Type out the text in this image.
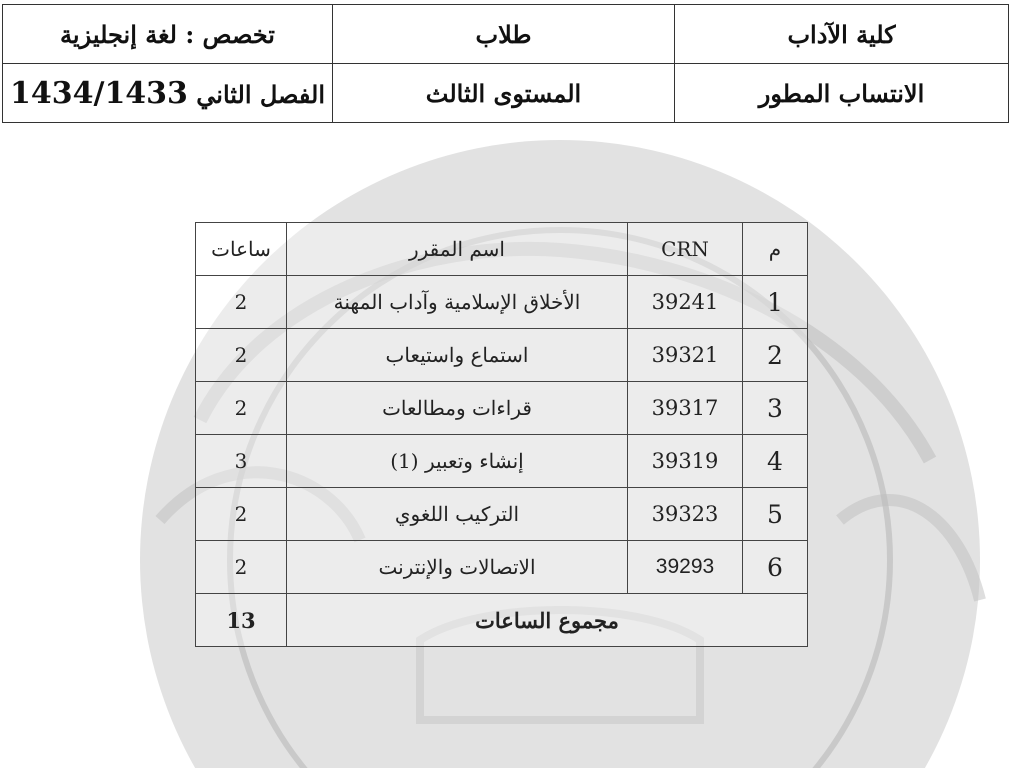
كلية الآداب	طلاب	تخصص : لغة إنجليزية
الانتساب المطور	المستوى الثالث	الفصل الثاني 1434/1433
م	CRN	اسم المقرر	ساعات
1	39241	الأخلاق الإسلامية وآداب المهنة	2
2	39321	استماع واستيعاب	2
3	39317	قراءات ومطالعات	2
4	39319	إنشاء وتعبير (1)	3
5	39323	التركيب اللغوي	2
6	39293	الاتصالات والإنترنت	2
مجموع الساعات			13
